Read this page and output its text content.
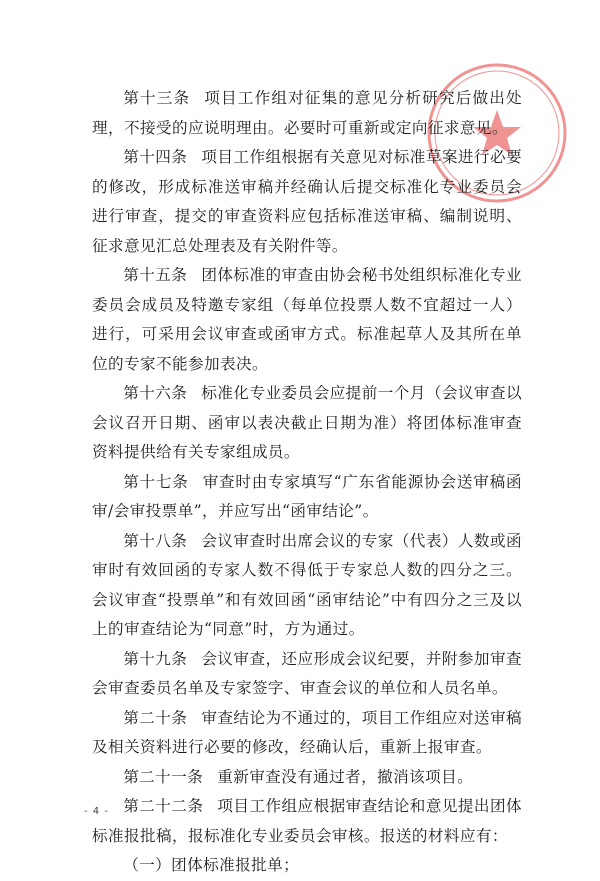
第十三条 项目工作组对征集的意见分析研究后做出处理，不接受的应说明理由。必要时可重新或定向征求意见。

第十四条 项目工作组根据有关意见对标准草案进行必要的修改，形成标准送审稿并经确认后提交标准化专业委员会进行审查，提交的审查资料应包括标准送审稿、编制说明、征求意见汇总处理表及有关附件等。

第十五条 团体标准的审查由协会秘书处组织标准化专业委员会成员及特邀专家组（每单位投票人数不宜超过一人）进行，可采用会议审查或函审方式。标准起草人及其所在单位的专家不能参加表决。

第十六条 标准化专业委员会应提前一个月（会议审查以会议召开日期、函审以表决截止日期为准）将团体标准审查资料提供给有关专家组成员。

第十七条 审查时由专家填写“广东省能源协会送审稿函审/会审投票单”，并应写出“函审结论”。

第十八条 会议审查时出席会议的专家（代表）人数或函审时有效回函的专家人数不得低于专家总人数的四分之三。会议审查“投票单”和有效回函“函审结论”中有四分之三及以上的审查结论为“同意”时，方为通过。

第十九条 会议审查，还应形成会议纪要，并附参加审查会审查委员名单及专家签字、审查会议的单位和人员名单。

第二十条 审查结论为不通过的，项目工作组应对送审稿及相关资料进行必要的修改，经确认后，重新上报审查。

第二十一条 重新审查没有通过者，撤消该项目。

第二十二条 项目工作组应根据审查结论和意见提出团体标准报批稿，报标准化专业委员会审核。报送的材料应有：

（一）团体标准报批单；

- 4 -
